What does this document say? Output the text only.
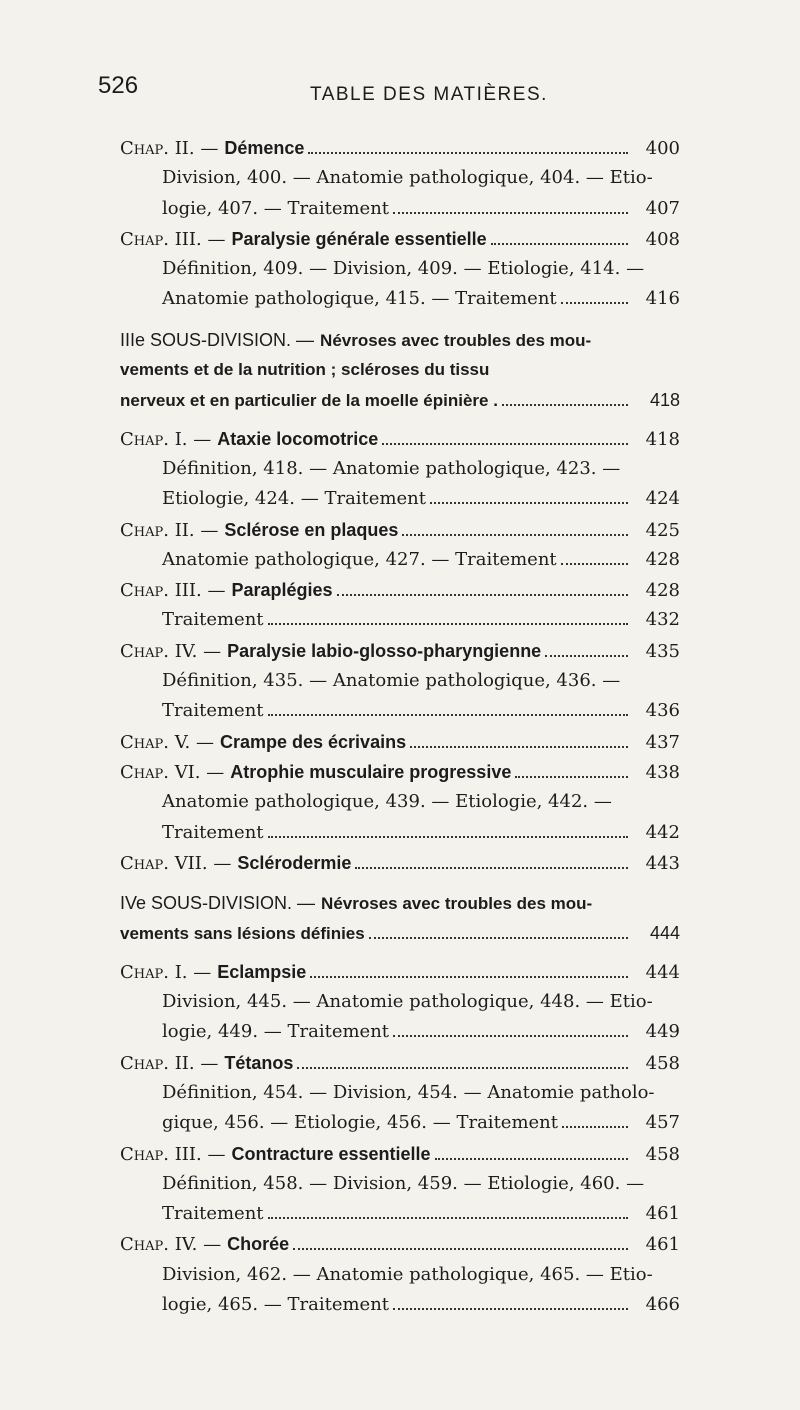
526	TABLE DES MATIÈRES.
Chap. II. — Démence	400
Division, 400. — Anatomie pathologique, 404. — Etio-
logie, 407. — Traitement	407
Chap. III. — Paralysie générale essentielle	408
Définition, 409. — Division, 409. — Etiologie, 414. —
Anatomie pathologique, 415. — Traitement	416
IIIe SOUS-DIVISION. — Névroses avec troubles des mou-
vements et de la nutrition ; scléroses du tissu
nerveux et en particulier de la moelle épinière .	418
Chap. I. — Ataxie locomotrice	418
Définition, 418. — Anatomie pathologique, 423. —
Etiologie, 424. — Traitement	424
Chap. II. — Sclérose en plaques	425
Anatomie pathologique, 427. — Traitement	428
Chap. III. — Paraplégies	428
Traitement	432
Chap. IV. — Paralysie labio-glosso-pharyngienne	435
Définition, 435. — Anatomie pathologique, 436. —
Traitement	436
Chap. V. — Crampe des écrivains	437
Chap. VI. — Atrophie musculaire progressive	438
Anatomie pathologique, 439. — Etiologie, 442. —
Traitement	442
Chap. VII. — Sclérodermie	443
IVe SOUS-DIVISION. — Névroses avec troubles des mou-
vements sans lésions définies	444
Chap. I. — Eclampsie	444
Division, 445. — Anatomie pathologique, 448. — Etio-
logie, 449. — Traitement	449
Chap. II. — Tétanos	458
Définition, 454. — Division, 454. — Anatomie patholo-
gique, 456. — Etiologie, 456. — Traitement	457
Chap. III. — Contracture essentielle	458
Définition, 458. — Division, 459. — Etiologie, 460. —
Traitement	461
Chap. IV. — Chorée	461
Division, 462. — Anatomie pathologique, 465. — Etio-
logie, 465. — Traitement	466
